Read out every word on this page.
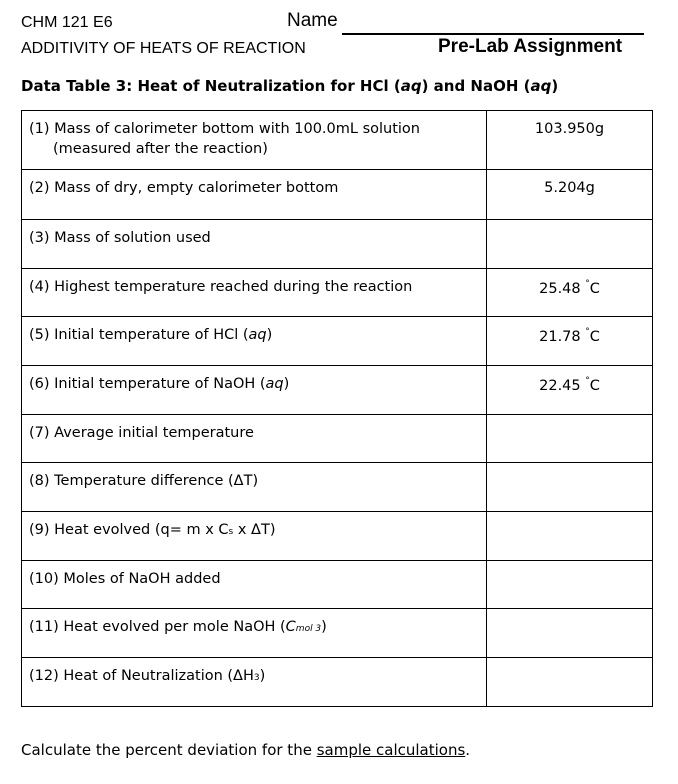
CHM 121 E6	Name
ADDITIVITY OF HEATS OF REACTION	Pre-Lab Assignment
Data Table 3: Heat of Neutralization for HCl (aq) and NaOH (aq)
(1) Mass of calorimeter bottom with 100.0mL solution
(measured after the reaction)	103.950g

(2) Mass of dry, empty calorimeter bottom	5.204g

(3) Mass of solution used	

(4) Highest temperature reached during the reaction	25.48 °C

(5) Initial temperature of HCl (aq)	21.78 °C

(6) Initial temperature of NaOH (aq)	22.45 °C

(7) Average initial temperature	

(8) Temperature difference (ΔT)	

(9) Heat evolved (q= m x Cs x ΔT)	

(10) Moles of NaOH added	

(11) Heat evolved per mole NaOH (Cmol 3)	

(12) Heat of Neutralization (ΔH3)	

Calculate the percent deviation for the sample calculations.
